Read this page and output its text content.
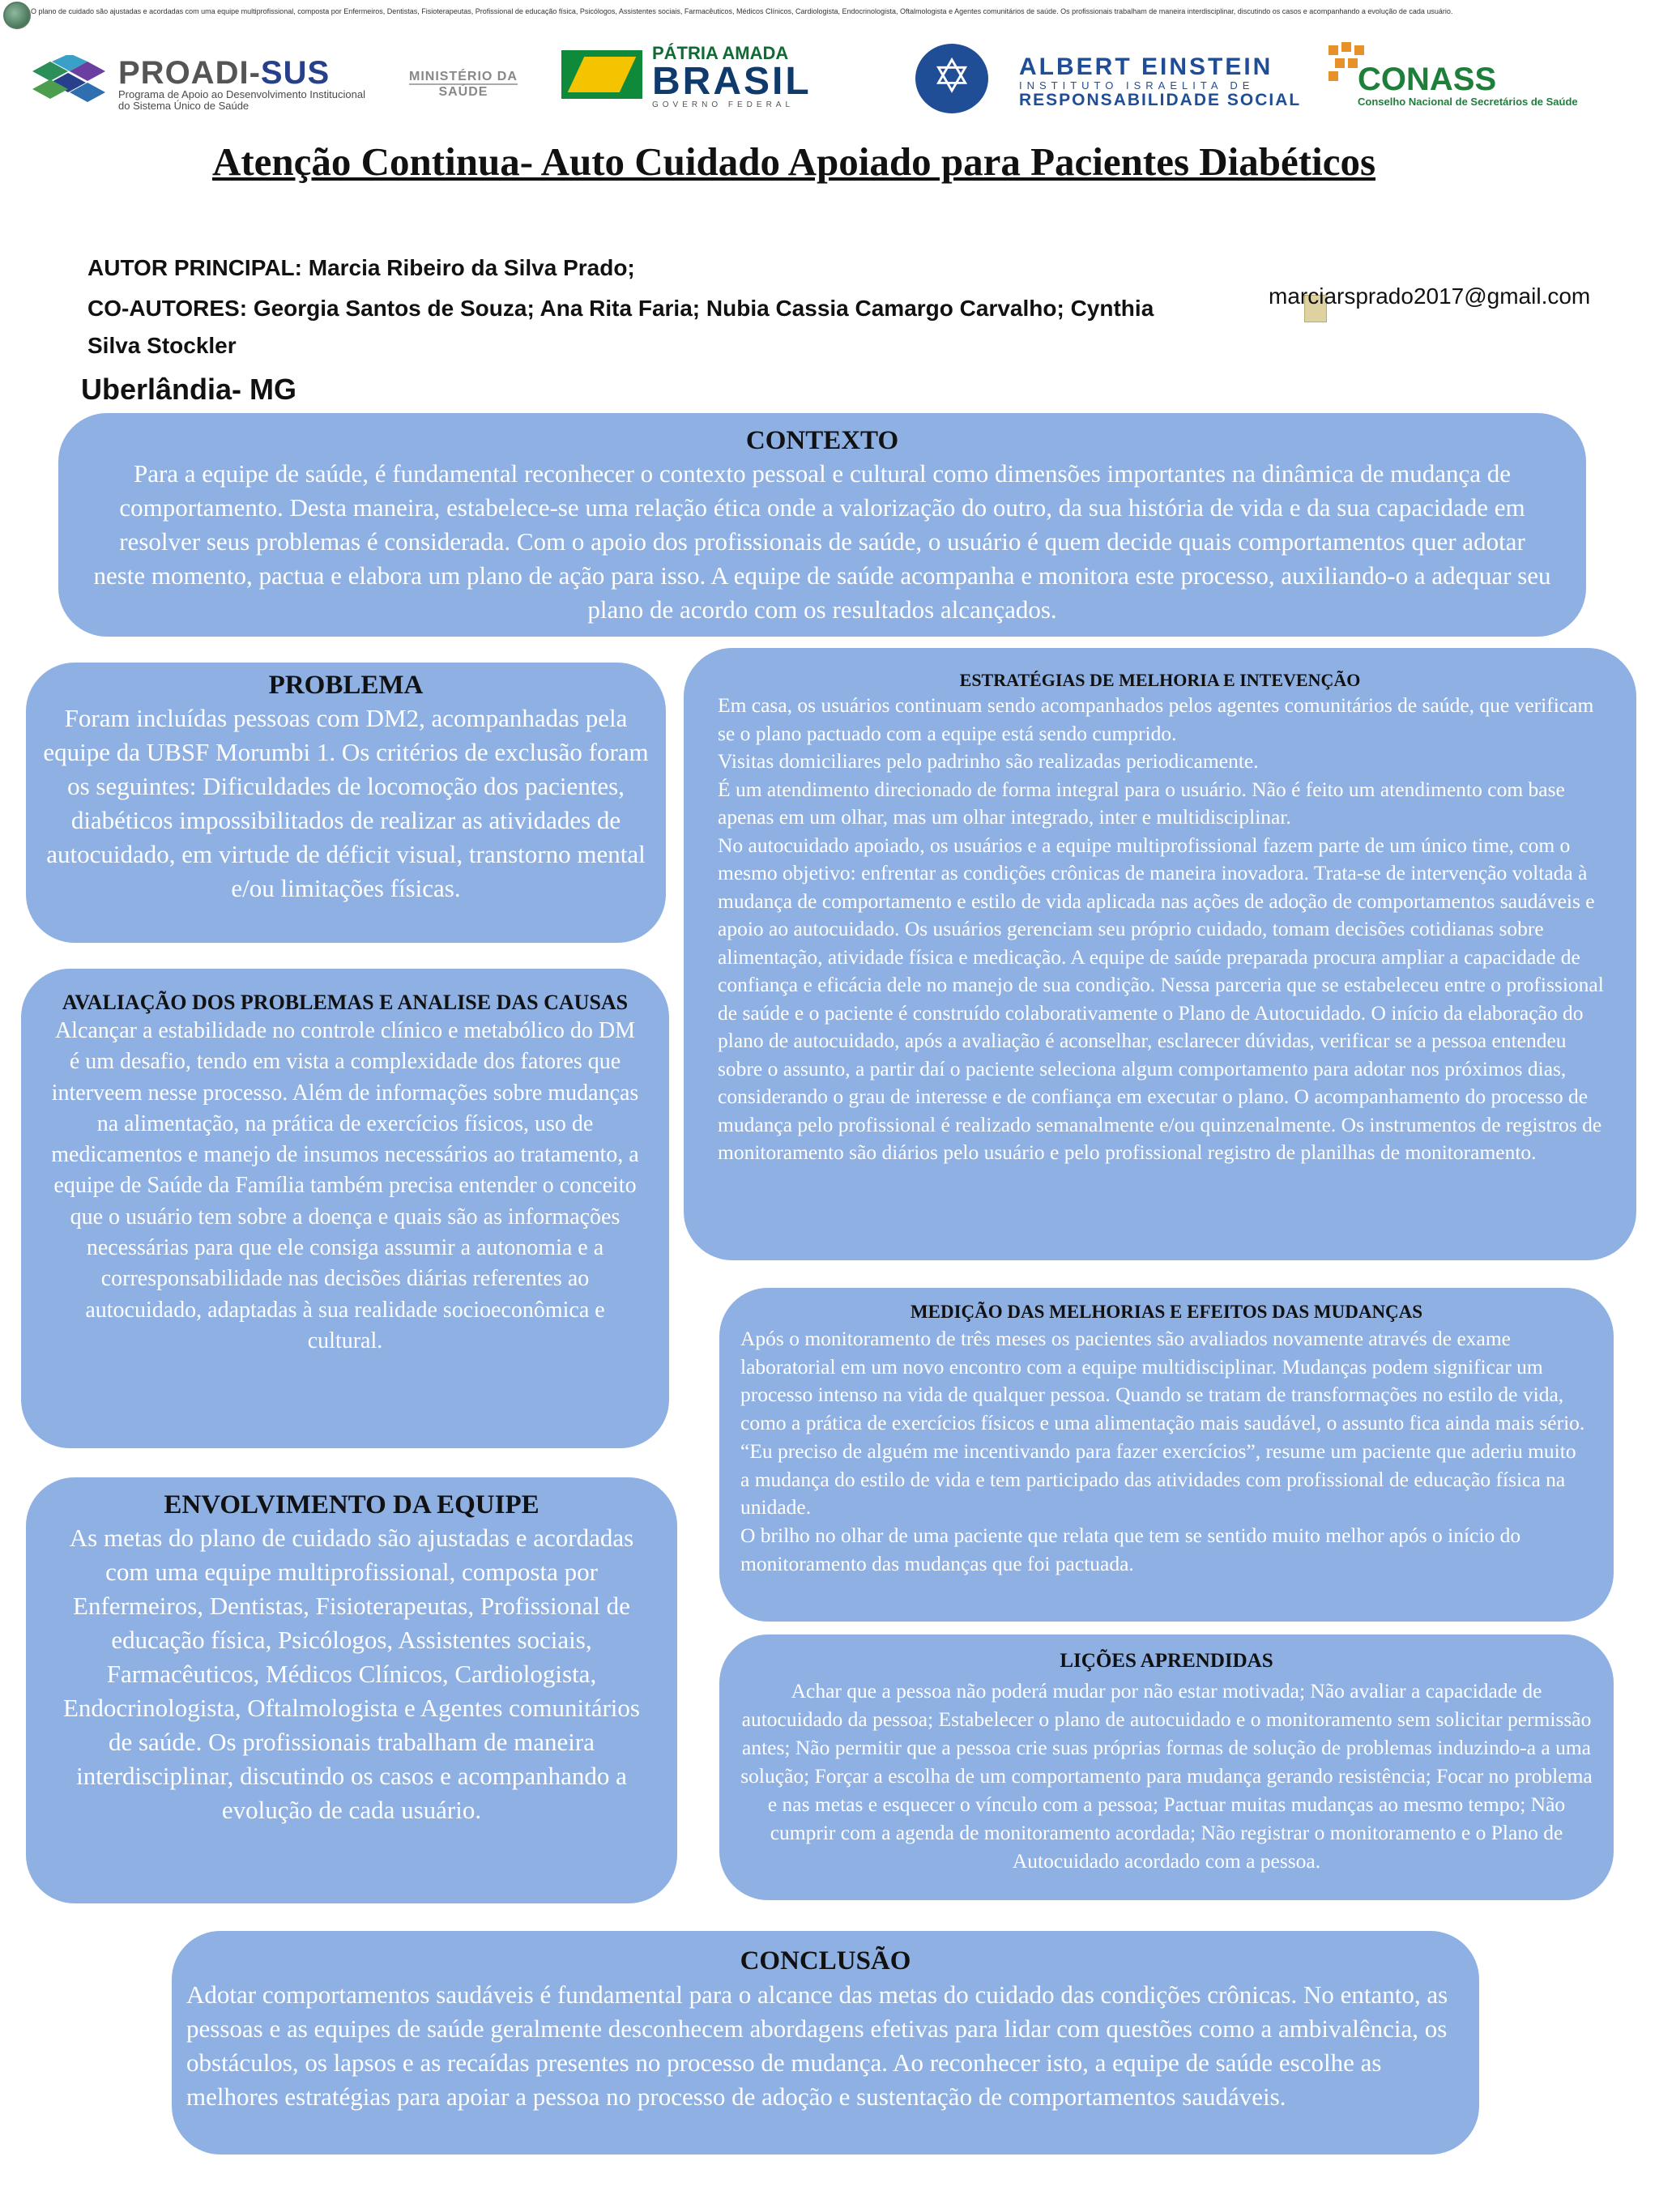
O plano de cuidado são ajustadas e acordadas com uma equipe multiprofissional, composta por Enfermeiros, Dentistas, Fisioterapeutas, Profissional de educação física, Psicólogos, Assistentes sociais, Farmacêuticos, Médicos Clínicos, Cardiologista, Endocrinologista, Oftalmologista e Agentes comunitários de saúde. Os profissionais trabalham de maneira interdisciplinar, discutindo os casos e acompanhando a evolução de cada usuário.
PROADI-SUS
Programa de Apoio ao Desenvolvimento Institucional do Sistema Único de Saúde
MINISTÉRIO DA
SAÚDE
PÁTRIA AMADA
BRASIL
GOVERNO FEDERAL
✡
ALBERT EINSTEIN
INSTITUTO ISRAELITA DE
RESPONSABILIDADE SOCIAL
CONASS
Conselho Nacional de Secretários de Saúde
Atenção Continua- Auto Cuidado Apoiado para Pacientes Diabéticos
AUTOR PRINCIPAL: Marcia Ribeiro da Silva Prado;
CO-AUTORES: Georgia Santos de Souza; Ana Rita Faria; Nubia Cassia Camargo Carvalho; Cynthia Silva Stockler
marciarsprado2017@gmail.com
Uberlândia- MG
CONTEXTO

Para a equipe de saúde, é fundamental reconhecer o contexto pessoal e cultural como dimensões importantes na dinâmica de mudança de comportamento. Desta maneira, estabelece-se uma relação ética onde a valorização do outro, da sua história de vida e da sua capacidade em resolver seus problemas é considerada. Com o apoio dos profissionais de saúde, o usuário é quem decide quais comportamentos quer adotar neste momento, pactua e elabora um plano de ação para isso. A equipe de saúde acompanha e monitora este processo, auxiliando-o a adequar seu plano de acordo com os resultados alcançados.

PROBLEMA

Foram incluídas pessoas com DM2, acompanhadas pela equipe da UBSF Morumbi 1. Os critérios de exclusão foram os seguintes: Dificuldades de locomoção dos pacientes, diabéticos impossibilitados de realizar as atividades de autocuidado, em virtude de déficit visual, transtorno mental e/ou limitações físicas.

AVALIAÇÃO DOS PROBLEMAS E ANALISE DAS CAUSAS

Alcançar a estabilidade no controle clínico e metabólico do DM é um desafio, tendo em vista a complexidade dos fatores que interveem nesse processo. Além de informações sobre mudanças na alimentação, na prática de exercícios físicos, uso de medicamentos e manejo de insumos necessários ao tratamento, a equipe de Saúde da Família também precisa entender o conceito que o usuário tem sobre a doença e quais são as informações necessárias para que ele consiga assumir a autonomia e a corresponsabilidade nas decisões diárias referentes ao autocuidado, adaptadas à sua realidade socioeconômica e cultural.

ENVOLVIMENTO DA EQUIPE

As metas do plano de cuidado são ajustadas e acordadas com uma equipe multiprofissional, composta por Enfermeiros, Dentistas, Fisioterapeutas, Profissional de educação física, Psicólogos, Assistentes sociais, Farmacêuticos, Médicos Clínicos, Cardiologista, Endocrinologista, Oftalmologista e Agentes comunitários de saúde. Os profissionais trabalham de maneira interdisciplinar, discutindo os casos e acompanhando a evolução de cada usuário.

ESTRATÉGIAS DE MELHORIA E INTEVENÇÃO

Em casa, os usuários continuam sendo acompanhados pelos agentes comunitários de saúde, que verificam se o plano pactuado com a equipe está sendo cumprido.

Visitas domiciliares pelo padrinho são realizadas periodicamente.

É um atendimento direcionado de forma integral para o usuário. Não é feito um atendimento com base apenas em um olhar, mas um olhar integrado, inter e multidisciplinar.

No autocuidado apoiado, os usuários e a equipe multiprofissional fazem parte de um único time, com o mesmo objetivo: enfrentar as condições crônicas de maneira inovadora. Trata-se de intervenção voltada à mudança de comportamento e estilo de vida aplicada nas ações de adoção de comportamentos saudáveis e apoio ao autocuidado. Os usuários gerenciam seu próprio cuidado, tomam decisões cotidianas sobre alimentação, atividade física e medicação. A equipe de saúde preparada procura ampliar a capacidade de confiança e eficácia dele no manejo de sua condição. Nessa parceria que se estabeleceu entre o profissional de saúde e o paciente é construído colaborativamente o Plano de Autocuidado. O início da elaboração do plano de autocuidado, após a avaliação é aconselhar, esclarecer dúvidas, verificar se a pessoa entendeu sobre o assunto, a partir daí o paciente seleciona algum comportamento para adotar nos próximos dias, considerando o grau de interesse e de confiança em executar o plano. O acompanhamento do processo de mudança pelo profissional é realizado semanalmente e/ou quinzenalmente. Os instrumentos de registros de monitoramento são diários pelo usuário e pelo profissional registro de planilhas de monitoramento.

MEDIÇÃO DAS MELHORIAS E EFEITOS DAS MUDANÇAS

Após o monitoramento de três meses os pacientes são avaliados novamente através de exame laboratorial em um novo encontro com a equipe multidisciplinar. Mudanças podem significar um processo intenso na vida de qualquer pessoa. Quando se tratam de transformações no estilo de vida, como a prática de exercícios físicos e uma alimentação mais saudável, o assunto fica ainda mais sério.

“Eu preciso de alguém me incentivando para fazer exercícios”, resume um paciente que aderiu muito a mudança do estilo de vida e tem participado das atividades com profissional de educação física na unidade.

O brilho no olhar de uma paciente que relata que tem se sentido muito melhor após o início do monitoramento das mudanças que foi pactuada.

LIÇÕES APRENDIDAS

Achar que a pessoa não poderá mudar por não estar motivada; Não avaliar a capacidade de autocuidado da pessoa; Estabelecer o plano de autocuidado e o monitoramento sem solicitar permissão antes; Não permitir que a pessoa crie suas próprias formas de solução de problemas induzindo-a a uma solução; Forçar a escolha de um comportamento para mudança gerando resistência; Focar no problema e nas metas e esquecer o vínculo com a pessoa; Pactuar muitas mudanças ao mesmo tempo; Não cumprir com a agenda de monitoramento acordada; Não registrar o monitoramento e o Plano de Autocuidado acordado com a pessoa.

CONCLUSÃO

Adotar comportamentos saudáveis é fundamental para o alcance das metas do cuidado das condições crônicas. No entanto, as pessoas e as equipes de saúde geralmente desconhecem abordagens efetivas para lidar com questões como a ambivalência, os obstáculos, os lapsos e as recaídas presentes no processo de mudança. Ao reconhecer isto, a equipe de saúde escolhe as melhores estratégias para apoiar a pessoa no processo de adoção e sustentação de comportamentos saudáveis.
